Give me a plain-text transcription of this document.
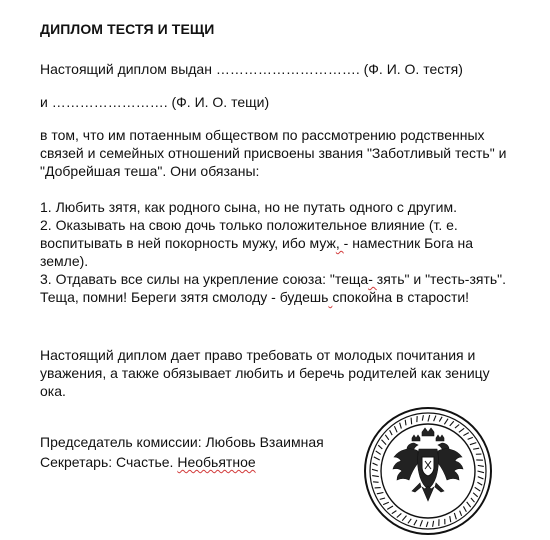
ДИПЛОМ ТЕСТЯ И ТЕЩИ
Настоящий диплом выдан …………………………. (Ф. И. О. тестя)
и ……………………. (Ф. И. О. тещи)
в том, что им потаенным обществом по рассмотрению родственных связей и семейных отношений присвоены звания "Заботливый тесть" и "Добрейшая теша". Они обязаны:
1. Любить зятя, как родного сына, но не путать одного с другим.
2. Оказывать на свою дочь только положительное влияние (т. е. воспитывать в ней покорность мужу, ибо муж, - наместник Бога на земле).
3. Отдавать все силы на укрепление союза: "теща- зять" и "тесть-зять". Теща, помни! Береги зятя смолоду - будешь спокойна в старости!
Настоящий диплом дает право требовать от молодых почитания и уважения, а также обязывает любить и беречь родителей как зеницу ока.
Председатель комиссии: Любовь Взаимная
Секретарь: Счастье. Необьятное
